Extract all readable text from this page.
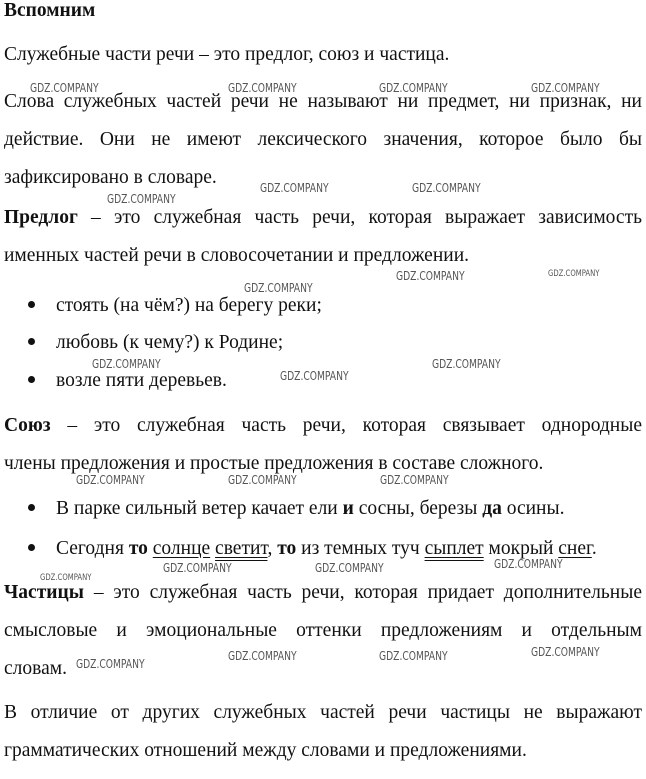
Вспомним
Служебные части речи – это предлог, союз и частица.
Слова служебных частей речи не называют ни предмет, ни признак, ни
действие. Они не имеют лексического значения, которое было бы
зафиксировано в словаре.
Предлог – это служебная часть речи, которая выражает зависимость
именных частей речи в словосочетании и предложении.
стоять (на чём?) на берегу реки;
любовь (к чему?) к Родине;
возле пяти деревьев.
Союз – это служебная часть речи, которая связывает однородные
члены предложения и простые предложения в составе сложного.
В парке сильный ветер качает ели и сосны, березы да осины.
Сегодня то солнце светит, то из темных туч сыплет мокрый снег.
Частицы – это служебная часть речи, которая придает дополнительные
смысловые и эмоциональные оттенки предложениям и отдельным
словам.
В отличие от других служебных частей речи частицы не выражают
грамматических отношений между словами и предложениями.
GDZ.COMPANY	GDZ.COMPANY	GDZ.COMPANY	GDZ.COMPANY
GDZ.COMPANY	GDZ.COMPANY
GDZ.COMPANY
GDZ.COMPANY	GDZ.COMPANY
GDZ.COMPANY
GDZ.COMPANY	GDZ.COMPANY
GDZ.COMPANY
GDZ.COMPANY	GDZ.COMPANY	GDZ.COMPANY
GDZ.COMPANY
GDZ.COMPANY	GDZ.COMPANY
GDZ.COMPANY
GDZ.COMPANY
GDZ.COMPANY	GDZ.COMPANY
GDZ.COMPANY
